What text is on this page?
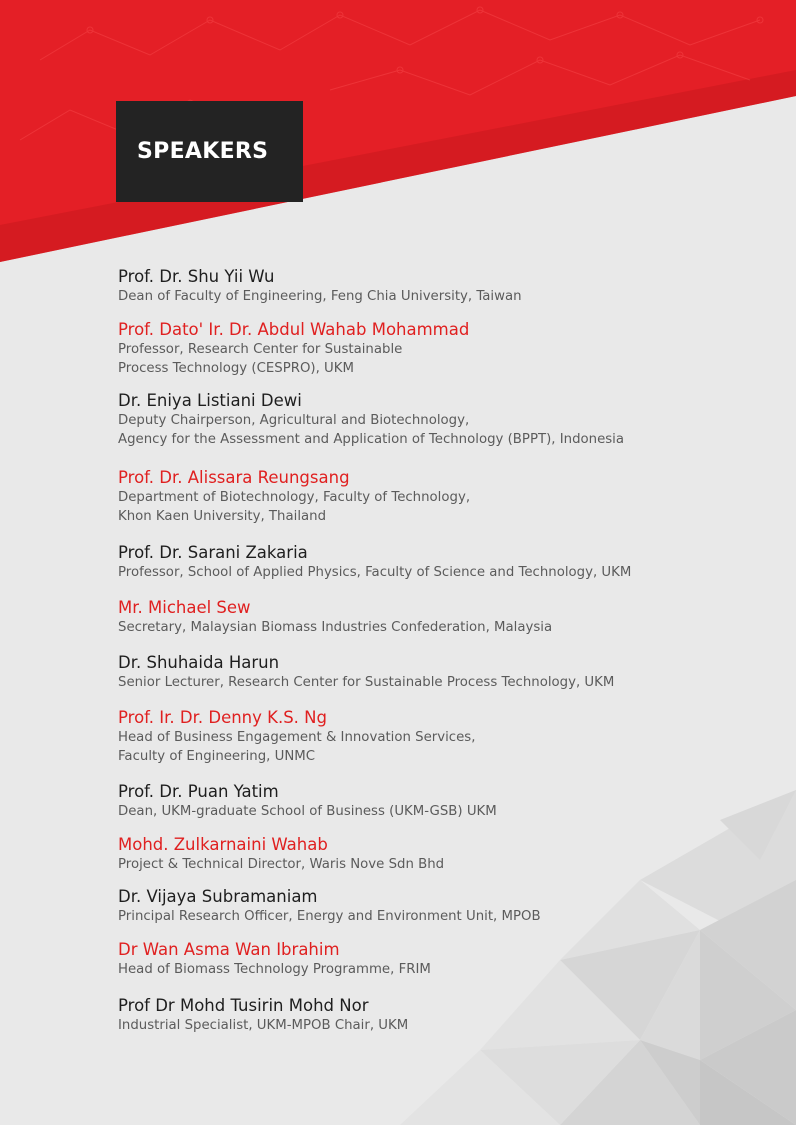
SPEAKERS
Prof. Dr. Shu Yii Wu
Dean of Faculty of Engineering, Feng Chia University, Taiwan
Prof. Dato' Ir. Dr. Abdul Wahab Mohammad
Professor, Research Center for Sustainable
Process Technology (CESPRO), UKM
Dr. Eniya Listiani Dewi
Deputy Chairperson, Agricultural and Biotechnology,
Agency for the Assessment and Application of Technology (BPPT), Indonesia
Prof. Dr. Alissara Reungsang
Department of Biotechnology, Faculty of Technology,
Khon Kaen University, Thailand
Prof. Dr. Sarani Zakaria
Professor, School of Applied Physics, Faculty of Science and Technology, UKM
Mr. Michael Sew
Secretary, Malaysian Biomass Industries Confederation, Malaysia
Dr. Shuhaida Harun
Senior Lecturer, Research Center for Sustainable Process Technology, UKM
Prof. Ir. Dr. Denny K.S. Ng
Head of Business Engagement & Innovation Services,
Faculty of Engineering, UNMC
Prof. Dr. Puan Yatim
Dean, UKM-graduate School of Business (UKM-GSB) UKM
Mohd. Zulkarnaini Wahab
Project & Technical Director, Waris Nove Sdn Bhd
Dr. Vijaya Subramaniam
Principal Research Officer, Energy and Environment Unit, MPOB
Dr Wan Asma Wan Ibrahim
Head of Biomass Technology Programme, FRIM
Prof Dr Mohd Tusirin Mohd Nor
Industrial Specialist, UKM-MPOB Chair, UKM
